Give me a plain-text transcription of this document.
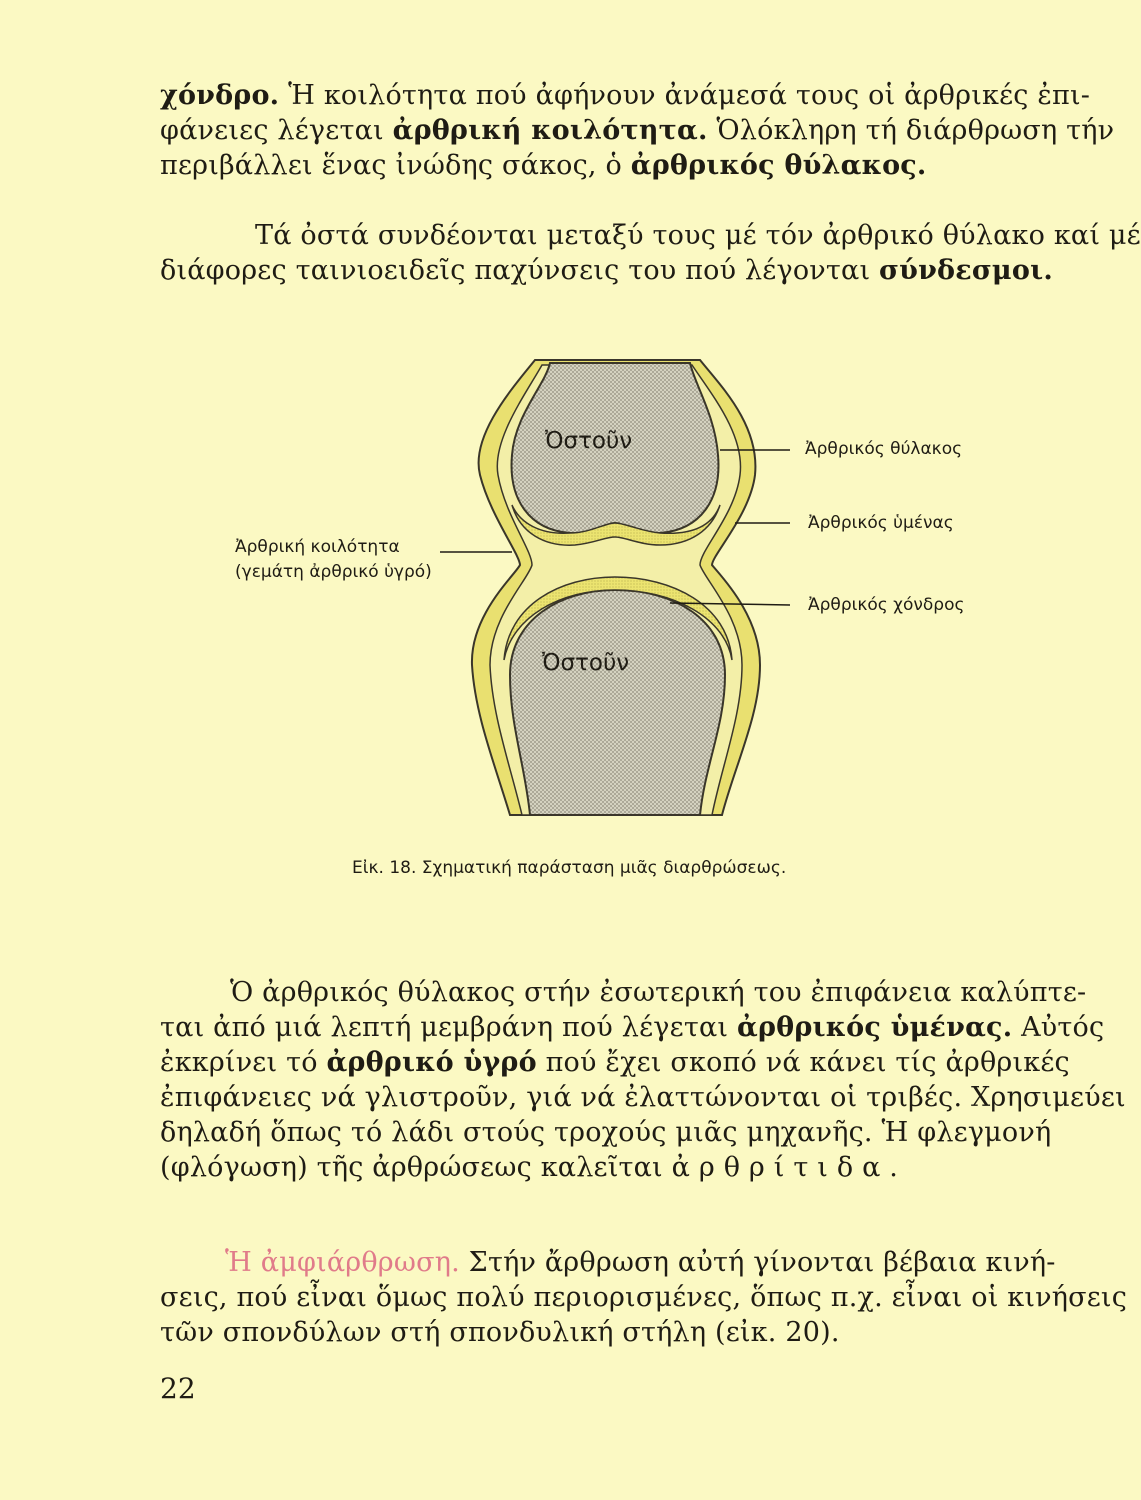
χόνδρο. Ἡ κοιλότητα πού ἀφήνουν ἀνάμεσά τους οἱ ἀρθρικές ἐπι-
φάνειες λέγεται ἀρθρική κοιλότητα. Ὁλόκληρη τή διάρθρωση τήν
περιβάλλει ἕνας ἰνώδης σάκος, ὁ ἀρθρικός θύλακος.
Τά ὀστά συνδέονται μεταξύ τους μέ τόν ἀρθρικό θύλακο καί μέ
διάφορες ταινιοειδεῖς παχύνσεις του πού λέγονται σύνδεσμοι.
Ὀστοῦν
Ὀστοῦν
Ἀρθρικός θύλακος
Ἀρθρικός ὑμένας
Ἀρθρικός χόνδρος
Ἀρθρική κοιλότητα
(γεμάτη ἀρθρικό ὑγρό)
Εἰκ. 18. Σχηματική παράσταση μιᾶς διαρθρώσεως.
Ὁ ἀρθρικός θύλακος στήν ἐσωτερική του ἐπιφάνεια καλύπτε-
ται ἀπό μιά λεπτή μεμβράνη πού λέγεται ἀρθρικός ὑμένας. Αὐτός
ἐκκρίνει τό ἀρθρικό ὑγρό πού ἔχει σκοπό νά κάνει τίς ἀρθρικές
ἐπιφάνειες νά γλιστροῦν, γιά νά ἐλαττώνονται οἱ τριβές. Χρησιμεύει
δηλαδή ὅπως τό λάδι στούς τροχούς μιᾶς μηχανῆς. Ἡ φλεγμονή
(φλόγωση) τῆς ἀρθρώσεως καλεῖται ἀ ρ θ ρ ί τ ι δ α .
Ἡ ἀμφιάρθρωση. Στήν ἄρθρωση αὐτή γίνονται βέβαια κινή-
σεις, πού εἶναι ὅμως πολύ περιορισμένες, ὅπως π.χ. εἶναι οἱ κινήσεις
τῶν σπονδύλων στή σπονδυλική στήλη (εἰκ. 20).
22
